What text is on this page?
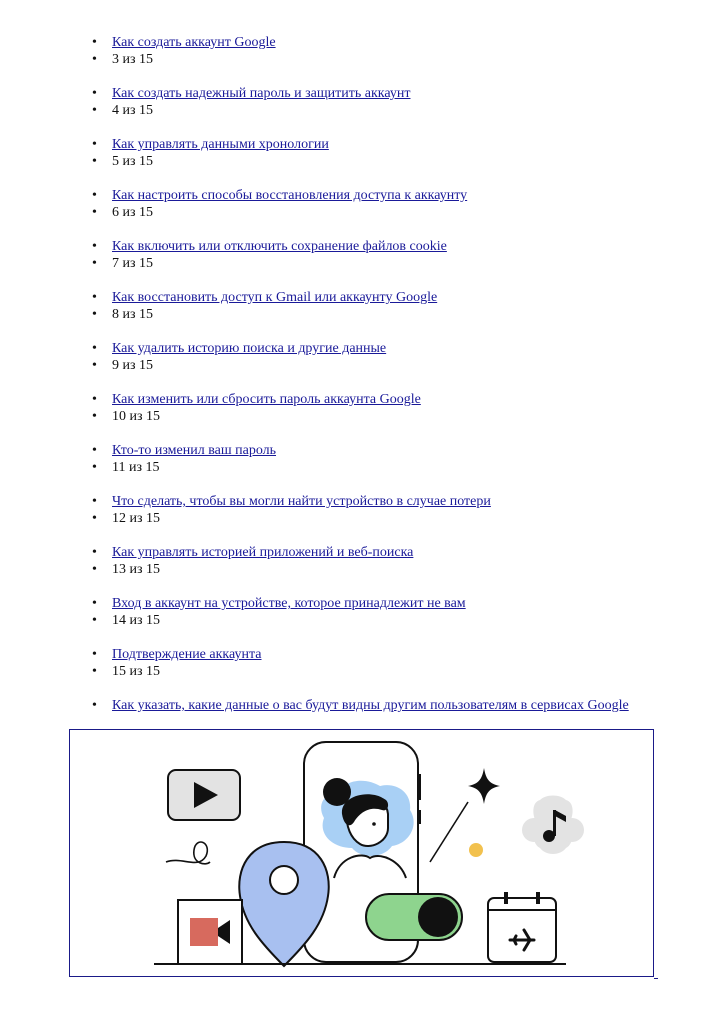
• Как создать аккаунт Google
• 3 из 15
• Как создать надежный пароль и защитить аккаунт
• 4 из 15
• Как управлять данными хронологии
• 5 из 15
• Как настроить способы восстановления доступа к аккаунту
• 6 из 15
• Как включить или отключить сохранение файлов cookie
• 7 из 15
• Как восстановить доступ к Gmail или аккаунту Google
• 8 из 15
• Как удалить историю поиска и другие данные
• 9 из 15
• Как изменить или сбросить пароль аккаунта Google
• 10 из 15
• Кто-то изменил ваш пароль
• 11 из 15
• Что сделать, чтобы вы могли найти устройство в случае потери
• 12 из 15
• Как управлять историей приложений и веб-поиска
• 13 из 15
• Вход в аккаунт на устройстве, которое принадлежит не вам
• 14 из 15
• Подтверждение аккаунта
• 15 из 15
• Как указать, какие данные о вас будут видны другим пользователям в сервисах Google
